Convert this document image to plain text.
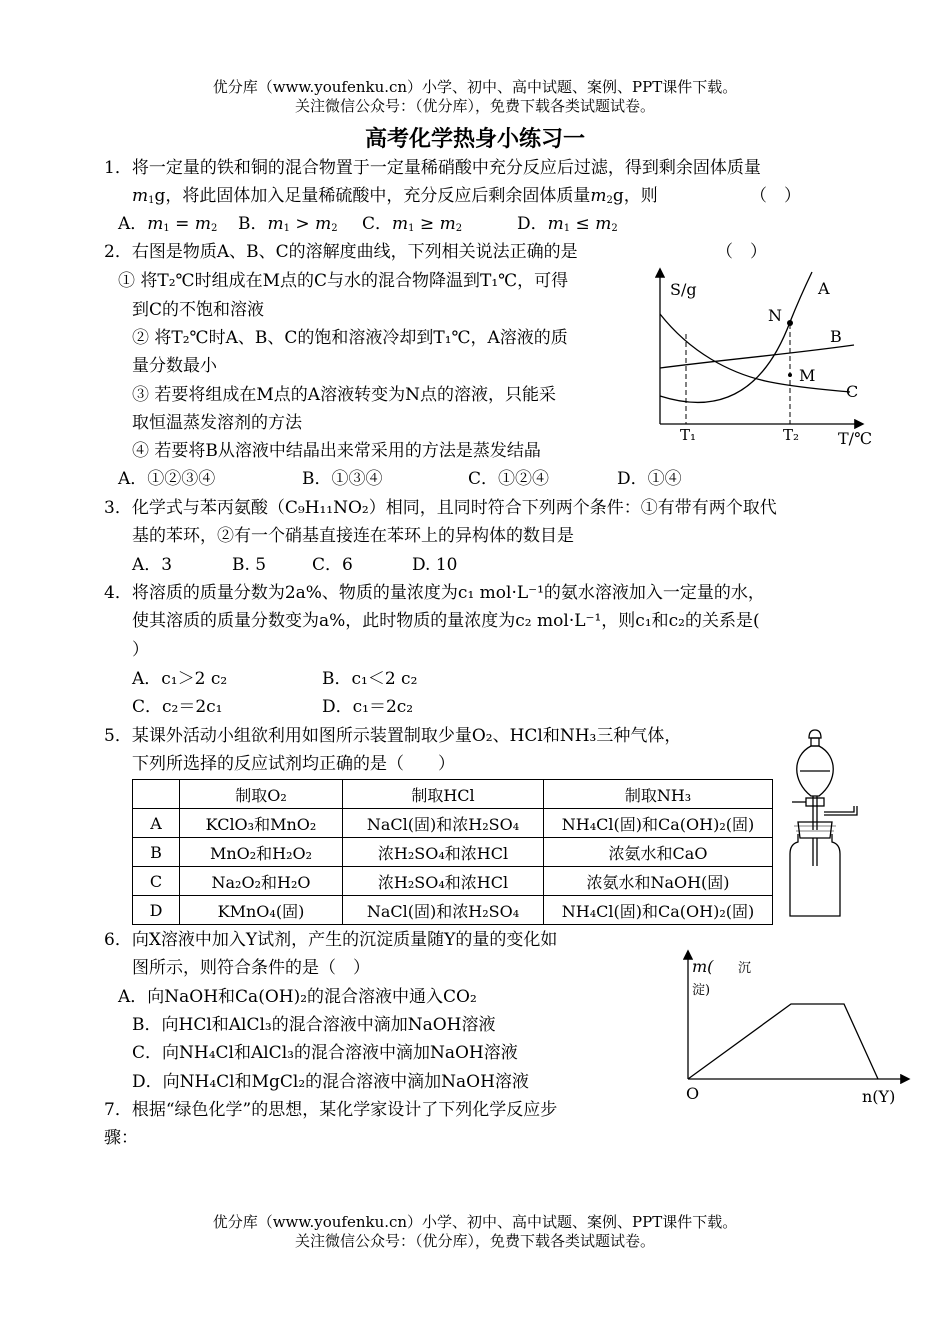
优分库（www.youfenku.cn）小学、初中、高中试题、案例、PPT课件下载。
关注微信公众号：（优分库），免费下载各类试题试卷。
高考化学热身小练习一
1．将一定量的铁和铜的混合物置于一定量稀硝酸中充分反应后过滤，得到剩余固体质量
$m_1g$，将此固体加入足量稀硫酸中，充分反应后剩余固体质量$m_2g$，则	（　）
A．$m_1 = m_2$ B．$m_1 > m_2$ C．$m_1 \ge m_2$	D．$m_1 \le m_2$
2．右图是物质A、B、C的溶解度曲线，下列相关说法正确的是	（　）
① 将T₂℃时组成在M点的C与水的混合物降温到T₁℃，可得
到C的不饱和溶液
② 将T₂℃时A、B、C的饱和溶液冷却到T₁℃，A溶液的质
量分数最小
③ 若要将组成在M点的A溶液转变为N点的溶液，只能采
取恒温蒸发溶剂的方法
④ 若要将B从溶液中结晶出来常采用的方法是蒸发结晶
A．①②③④	B．①③④	C．①②④	D．①④
S/g	A
N
B
M
C
T₁	T₂ T/℃
3．化学式与苯丙氨酸（C₉H₁₁NO₂）相同，且同时符合下列两个条件：①有带有两个取代
基的苯环，②有一个硝基直接连在苯环上的异构体的数目是
A．3	B. 5	C．6	D. 10
4．将溶质的质量分数为2a%、物质的量浓度为c₁ mol·L⁻¹的氨水溶液加入一定量的水，
使其溶质的质量分数变为a%，此时物质的量浓度为c₂ mol·L⁻¹，则c₁和c₂的关系是(
）
A．c₁＞2 c₂	B．c₁＜2 c₂
C．c₂＝2c₁	D．c₁＝2c₂
5．某课外活动小组欲利用如图所示装置制取少量O₂、HCl和NH₃三种气体，
下列所选择的反应试剂均正确的是（　　）
	制取O₂	制取HCl	制取NH₃
A	KClO₃和MnO₂	NaCl(固)和浓H₂SO₄	NH₄Cl(固)和Ca(OH)₂(固)
B	MnO₂和H₂O₂	浓H₂SO₄和浓HCl	浓氨水和CaO
C	Na₂O₂和H₂O	浓H₂SO₄和浓HCl	浓氨水和NaOH(固)
D	KMnO₄(固)	NaCl(固)和浓H₂SO₄	NH₄Cl(固)和Ca(OH)₂(固)
6．向X溶液中加入Y试剂，产生的沉淀质量随Y的量的变化如
图所示，则符合条件的是（　）
A．向NaOH和Ca(OH)₂的混合溶液中通入CO₂
B．向HCl和AlCl₃的混合溶液中滴加NaOH溶液
C．向NH₄Cl和AlCl₃的混合溶液中滴加NaOH溶液
D．向NH₄Cl和MgCl₂的混合溶液中滴加NaOH溶液
m( 沉
淀)
O	n(Y)
7．根据“绿色化学”的思想，某化学家设计了下列化学反应步
骤：
优分库（www.youfenku.cn）小学、初中、高中试题、案例、PPT课件下载。
关注微信公众号：（优分库），免费下载各类试题试卷。
